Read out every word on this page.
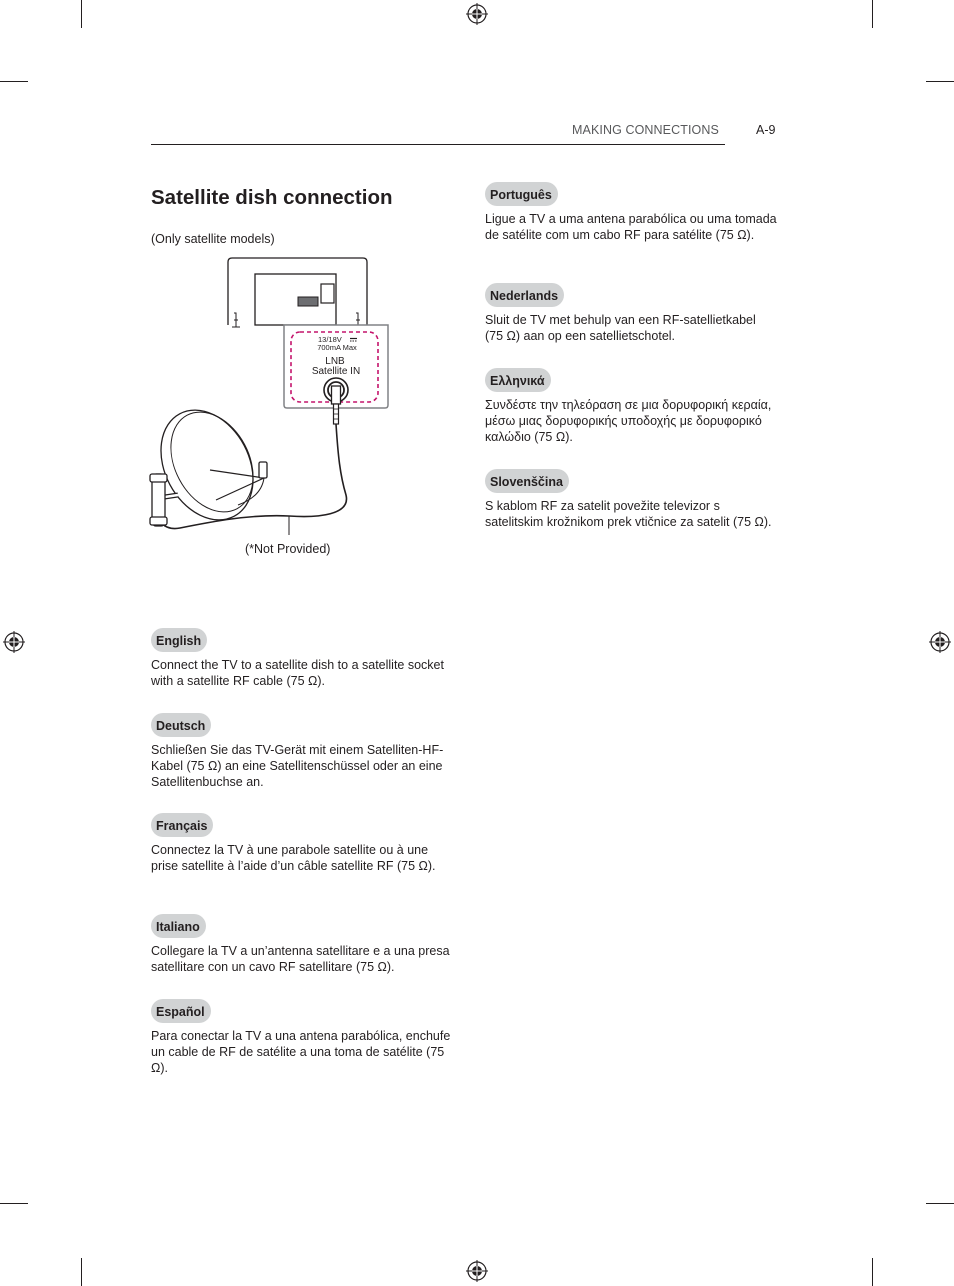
MAKING CONNECTIONS	A-9
Satellite dish connection
(Only satellite models)
13/18V
700mA Max
LNB
Satellite IN
(*Not Provided)
English
Connect the TV to a satellite dish to a satellite socket with a satellite RF cable (75 Ω).
Deutsch
Schließen Sie das TV-Gerät mit einem Satelliten-HF-Kabel (75 Ω) an eine Satellitenschüssel oder an eine Satellitenbuchse an.
Français
Connectez la TV à une parabole satellite ou à une prise satellite à l’aide d’un câble satellite RF (75 Ω).
Italiano
Collegare la TV a un’antenna satellitare e a una presa satellitare con un cavo RF satellitare (75 Ω).
Español
Para conectar la TV a una antena parabólica, enchufe un cable de RF de satélite a una toma de satélite (75 Ω).
Português
Ligue a TV a uma antena parabólica ou uma tomada de satélite com um cabo RF para satélite (75 Ω).
Nederlands
Sluit de TV met behulp van een RF-satellietkabel (75 Ω) aan op een satellietschotel.
Ελληνικά
Συνδέστε την τηλεόραση σε μια δορυφορική κεραία, μέσω μιας δορυφορικής υποδοχής με δορυφορικό καλώδιο (75 Ω).
Slovenščina
S kablom RF za satelit povežite televizor s satelitskim krožnikom prek vtičnice za satelit (75 Ω).
